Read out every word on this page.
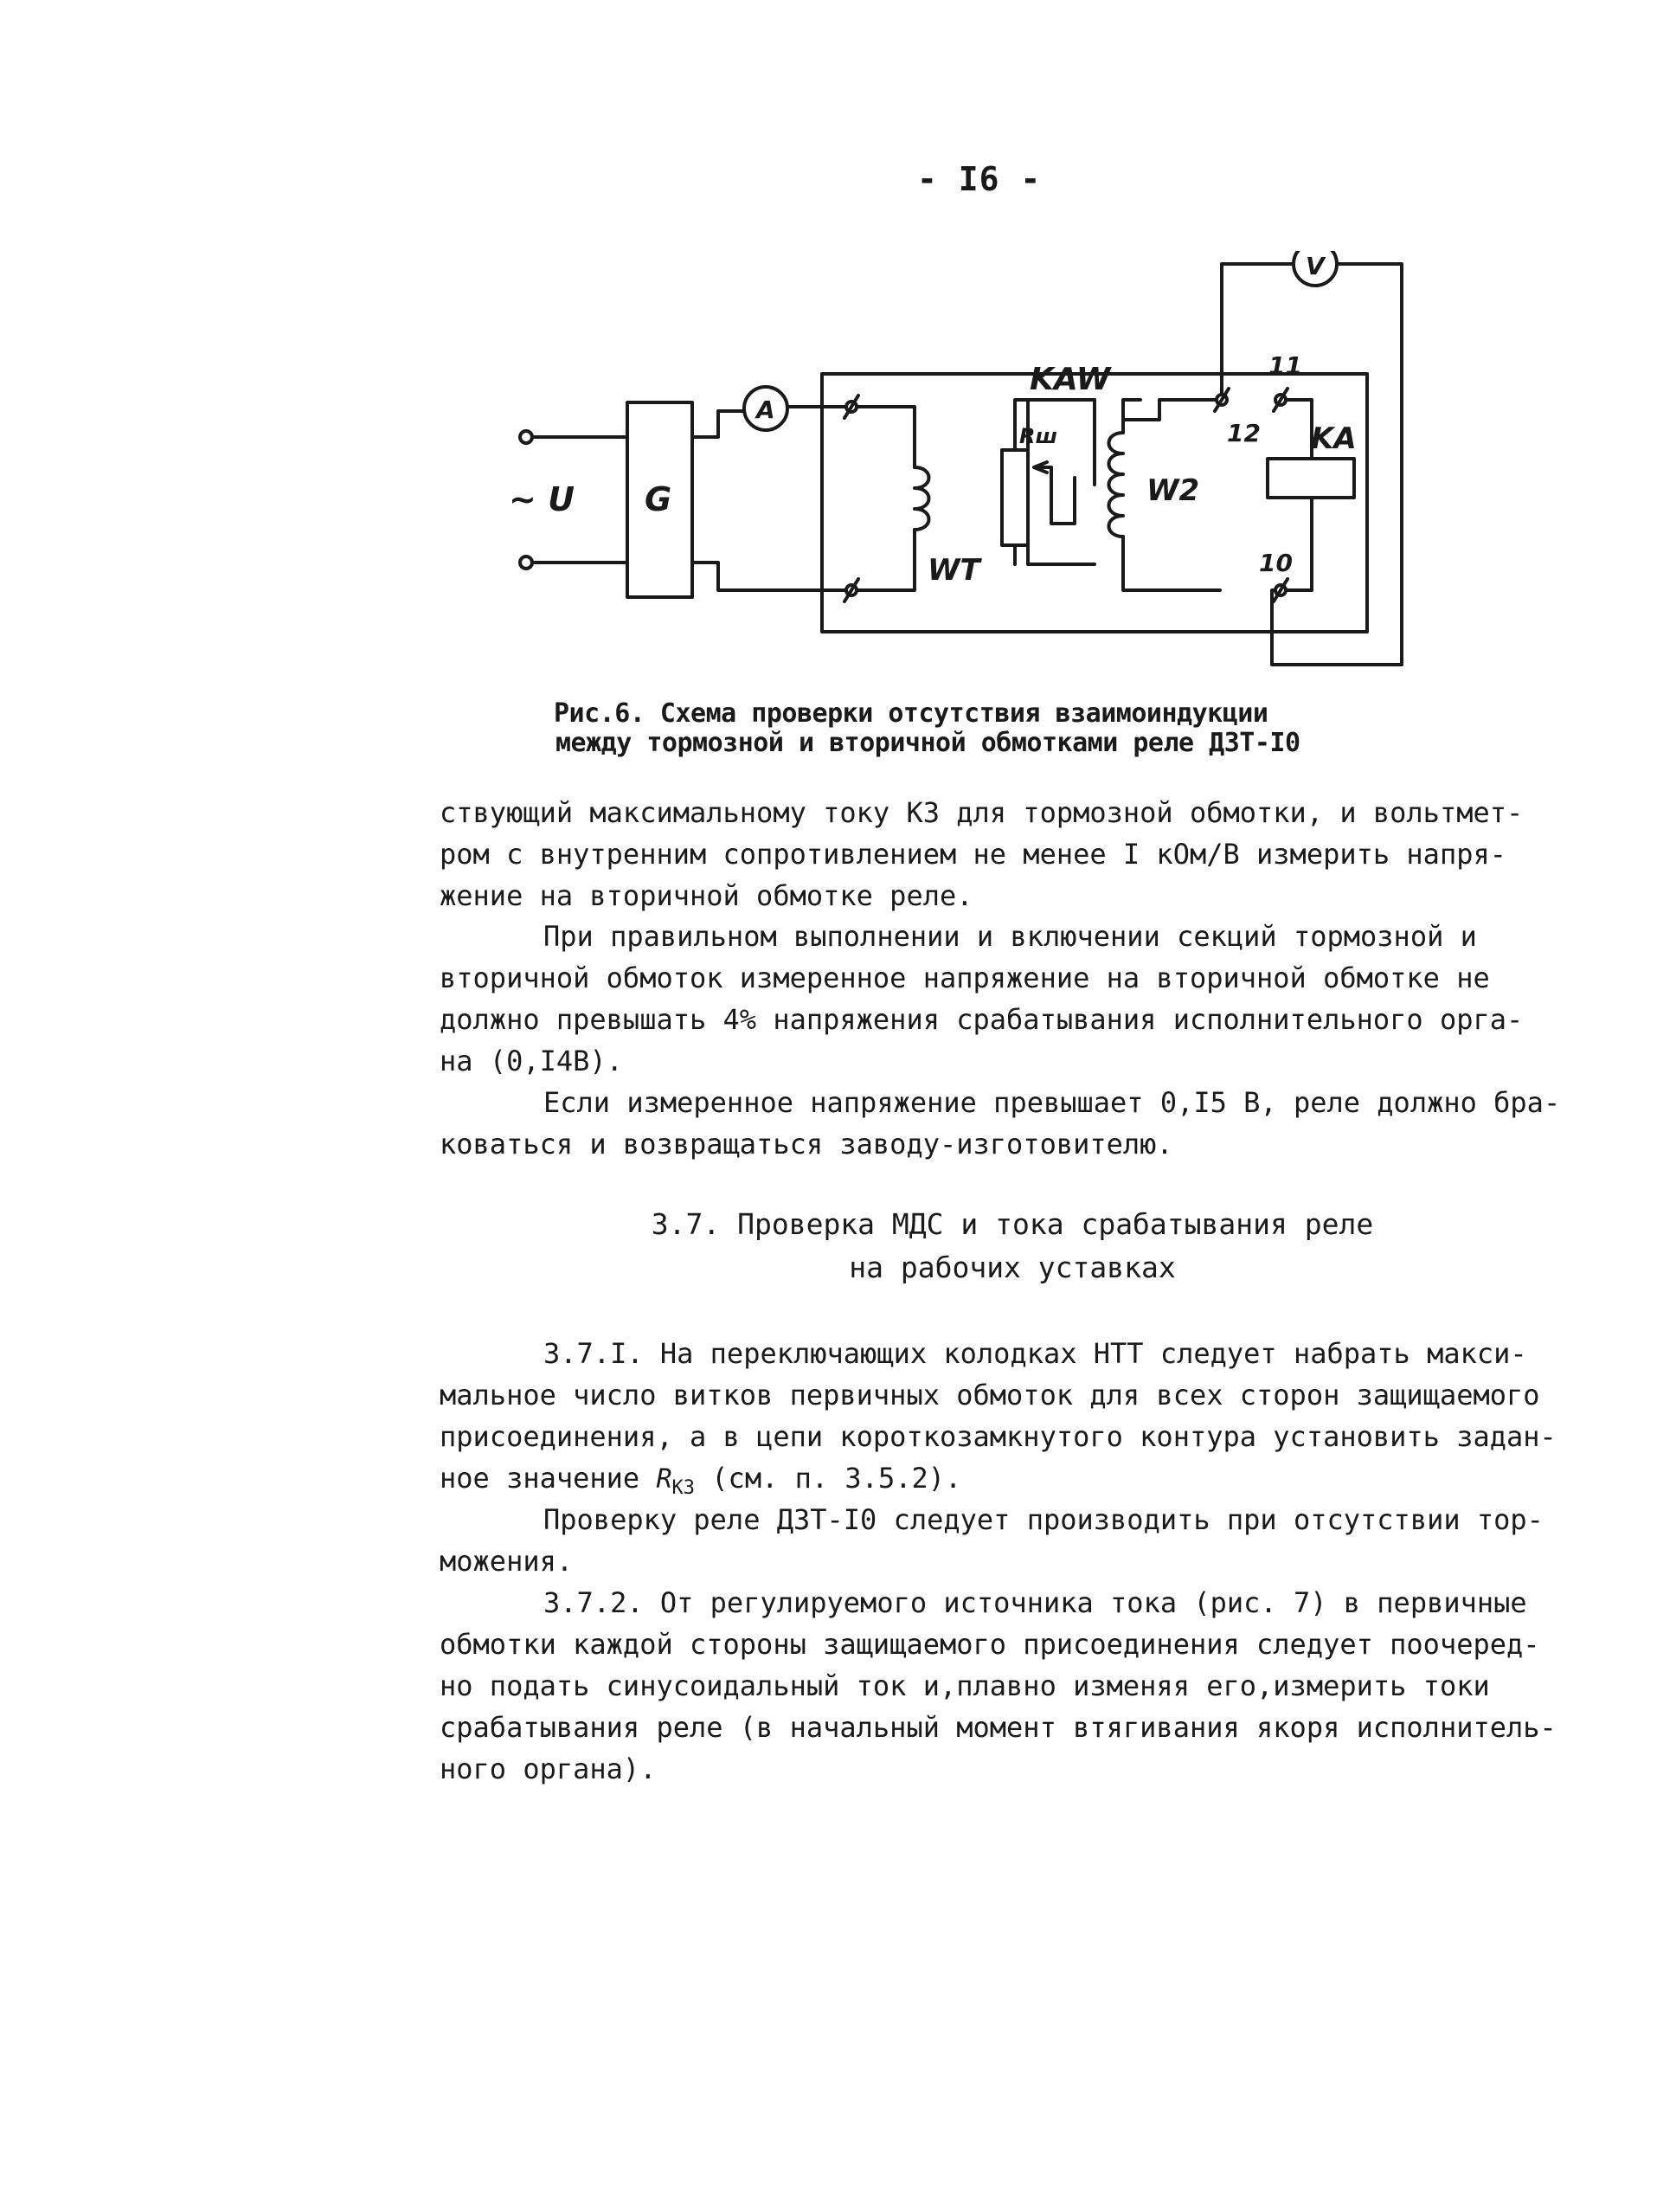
- I6 -
~ U G
A
V
KAW
Rш
WT
W2
KA
11
12
10
Рис.6. Схема проверки отсутствия взаимоиндукции
между тормозной и вторичной обмотками реле ДЗТ-I0
ствующий максимальному току КЗ для тормозной обмотки, и вольтмет-
ром с внутренним сопротивлением не менее I кОм/В измерить напря-
жение на вторичной обмотке реле.
При правильном выполнении и включении секций тормозной и
вторичной обмоток измеренное напряжение на вторичной обмотке не
должно превышать 4% напряжения срабатывания исполнительного орга-
на (0,I4В).
Если измеренное напряжение превышает 0,I5 В, реле должно бра-
коваться и возвращаться заводу-изготовителю.
3.7. Проверка МДС и тока срабатывания реле
на рабочих уставках
3.7.I. На переключающих колодках НТТ следует набрать макси-
мальное число витков первичных обмоток для всех сторон защищаемого
присоединения, а в цепи короткозамкнутого контура установить задан-
ное значение $R_{К3}$ (см. п. 3.5.2).
Проверку реле ДЗТ-I0 следует производить при отсутствии тор-
можения.
3.7.2. От регулируемого источника тока (рис. 7) в первичные
обмотки каждой стороны защищаемого присоединения следует поочеред-
но подать синусоидальный ток и,плавно изменяя его,измерить токи
срабатывания реле (в начальный момент втягивания якоря исполнитель-
ного органа).
